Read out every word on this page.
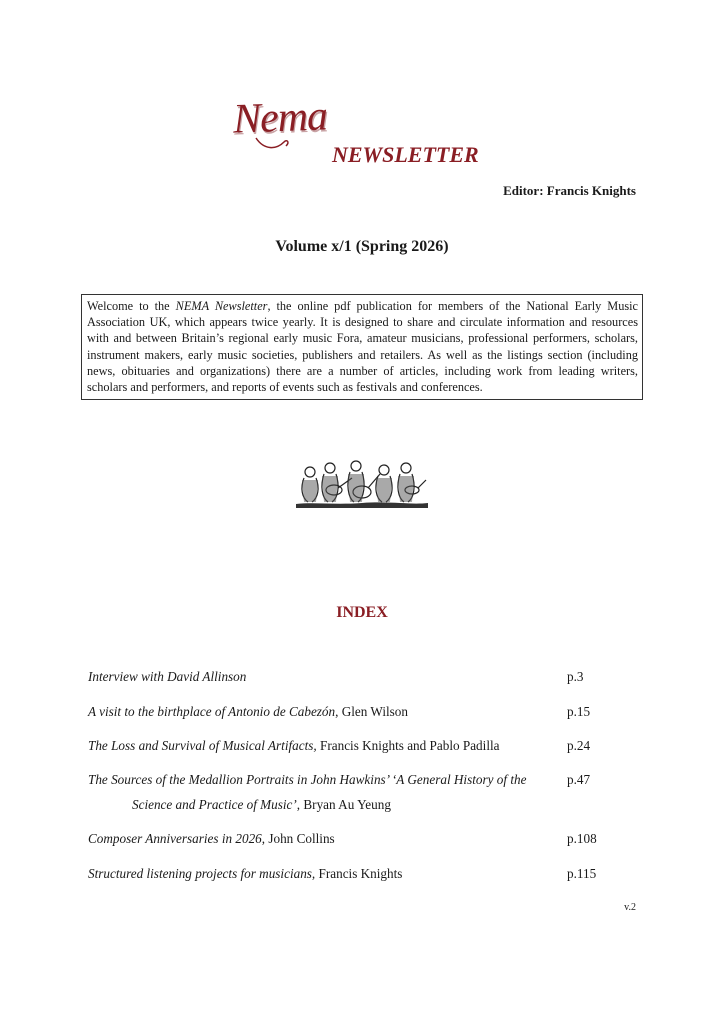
Nema
NEWSLETTER
Editor: Francis Knights
Volume x/1 (Spring 2026)
Welcome to the NEMA Newsletter, the online pdf publication for members of the National Early Music Association UK, which appears twice yearly. It is designed to share and circulate information and resources with and between Britain’s regional early music Fora, amateur musicians, professional performers, scholars, instrument makers, early music societies, publishers and retailers. As well as the listings section (including news, obituaries and organizations) there are a number of articles, including work from leading writers, scholars and performers, and reports of events such as festivals and conferences.
INDEX
Interview with David Allinson	p.3
A visit to the birthplace of Antonio de Cabezón, Glen Wilson	p.15
The Loss and Survival of Musical Artifacts, Francis Knights and Pablo Padilla	p.24
The Sources of the Medallion Portraits in John Hawkins’ ‘A General History of the
Science and Practice of Music’, Bryan Au Yeung
p.47
Composer Anniversaries in 2026, John Collins	p.108
Structured listening projects for musicians, Francis Knights	p.115
v.2
